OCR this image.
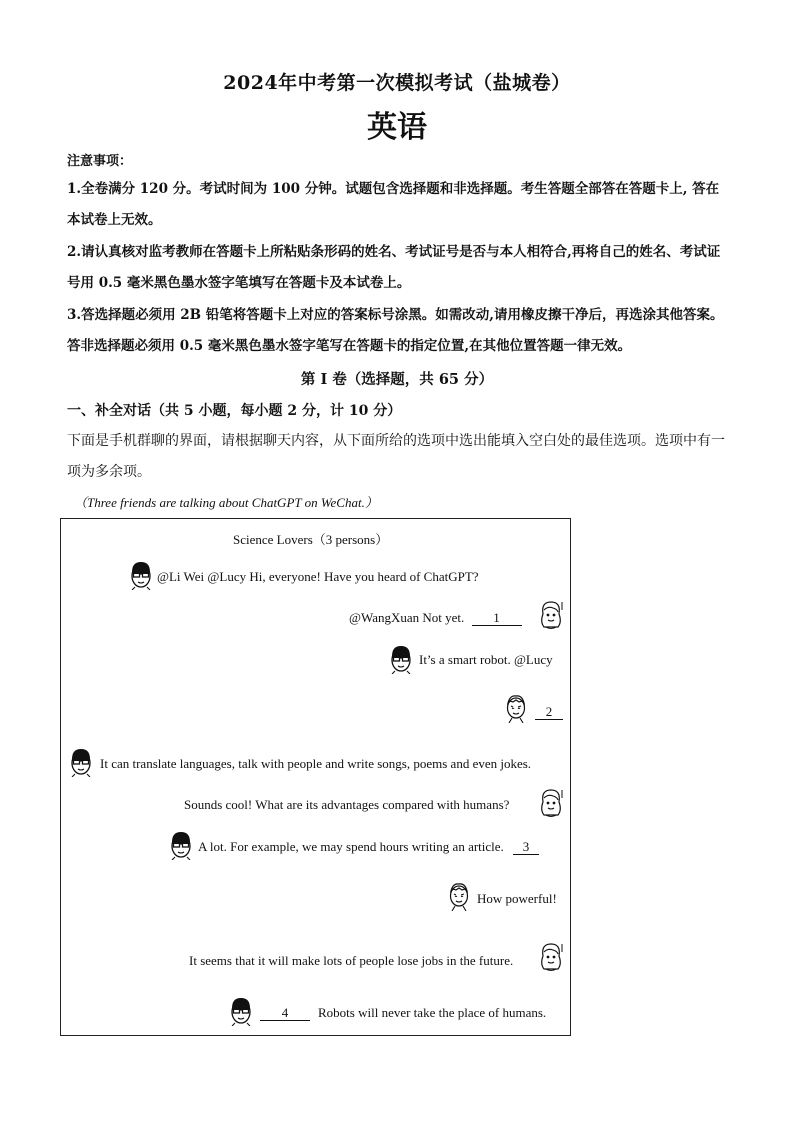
2024年中考第一次模拟考试（盐城卷）
英语
注意事项：
1.全卷满分 120 分。考试时间为 100 分钟。试题包含选择题和非选择题。考生答题全部答在答题卡上, 答在本试卷上无效。
2.请认真核对监考教师在答题卡上所粘贴条形码的姓名、考试证号是否与本人相符合,再将自己的姓名、考试证号用 0.5 毫米黑色墨水签字笔填写在答题卡及本试卷上。
3.答选择题必须用 2B 铅笔将答题卡上对应的答案标号涂黑。如需改动,请用橡皮擦干净后，再选涂其他答案。答非选择题必须用 0.5 毫米黑色墨水签字笔写在答题卡的指定位置,在其他位置答题一律无效。
第 I 卷（选择题，共 65 分）
一、补全对话（共 5 小题，每小题 2 分，计 10 分）
下面是手机群聊的界面，请根据聊天内容，从下面所给的选项中选出能填入空白处的最佳选项。选项中有一项为多余项。
（Three friends are talking about ChatGPT on WeChat.）
Science Lovers（3 persons）
@Li Wei @Lucy Hi, everyone! Have you heard of ChatGPT?
@WangXuan Not yet. 1
It’s a smart robot. @Lucy
2
It can translate languages, talk with people and write songs, poems and even jokes.
Sounds cool! What are its advantages compared with humans?
A lot. For example, we may spend hours writing an article. 3
How powerful!
It seems that it will make lots of people lose jobs in the future.
4 Robots will never take the place of humans.
